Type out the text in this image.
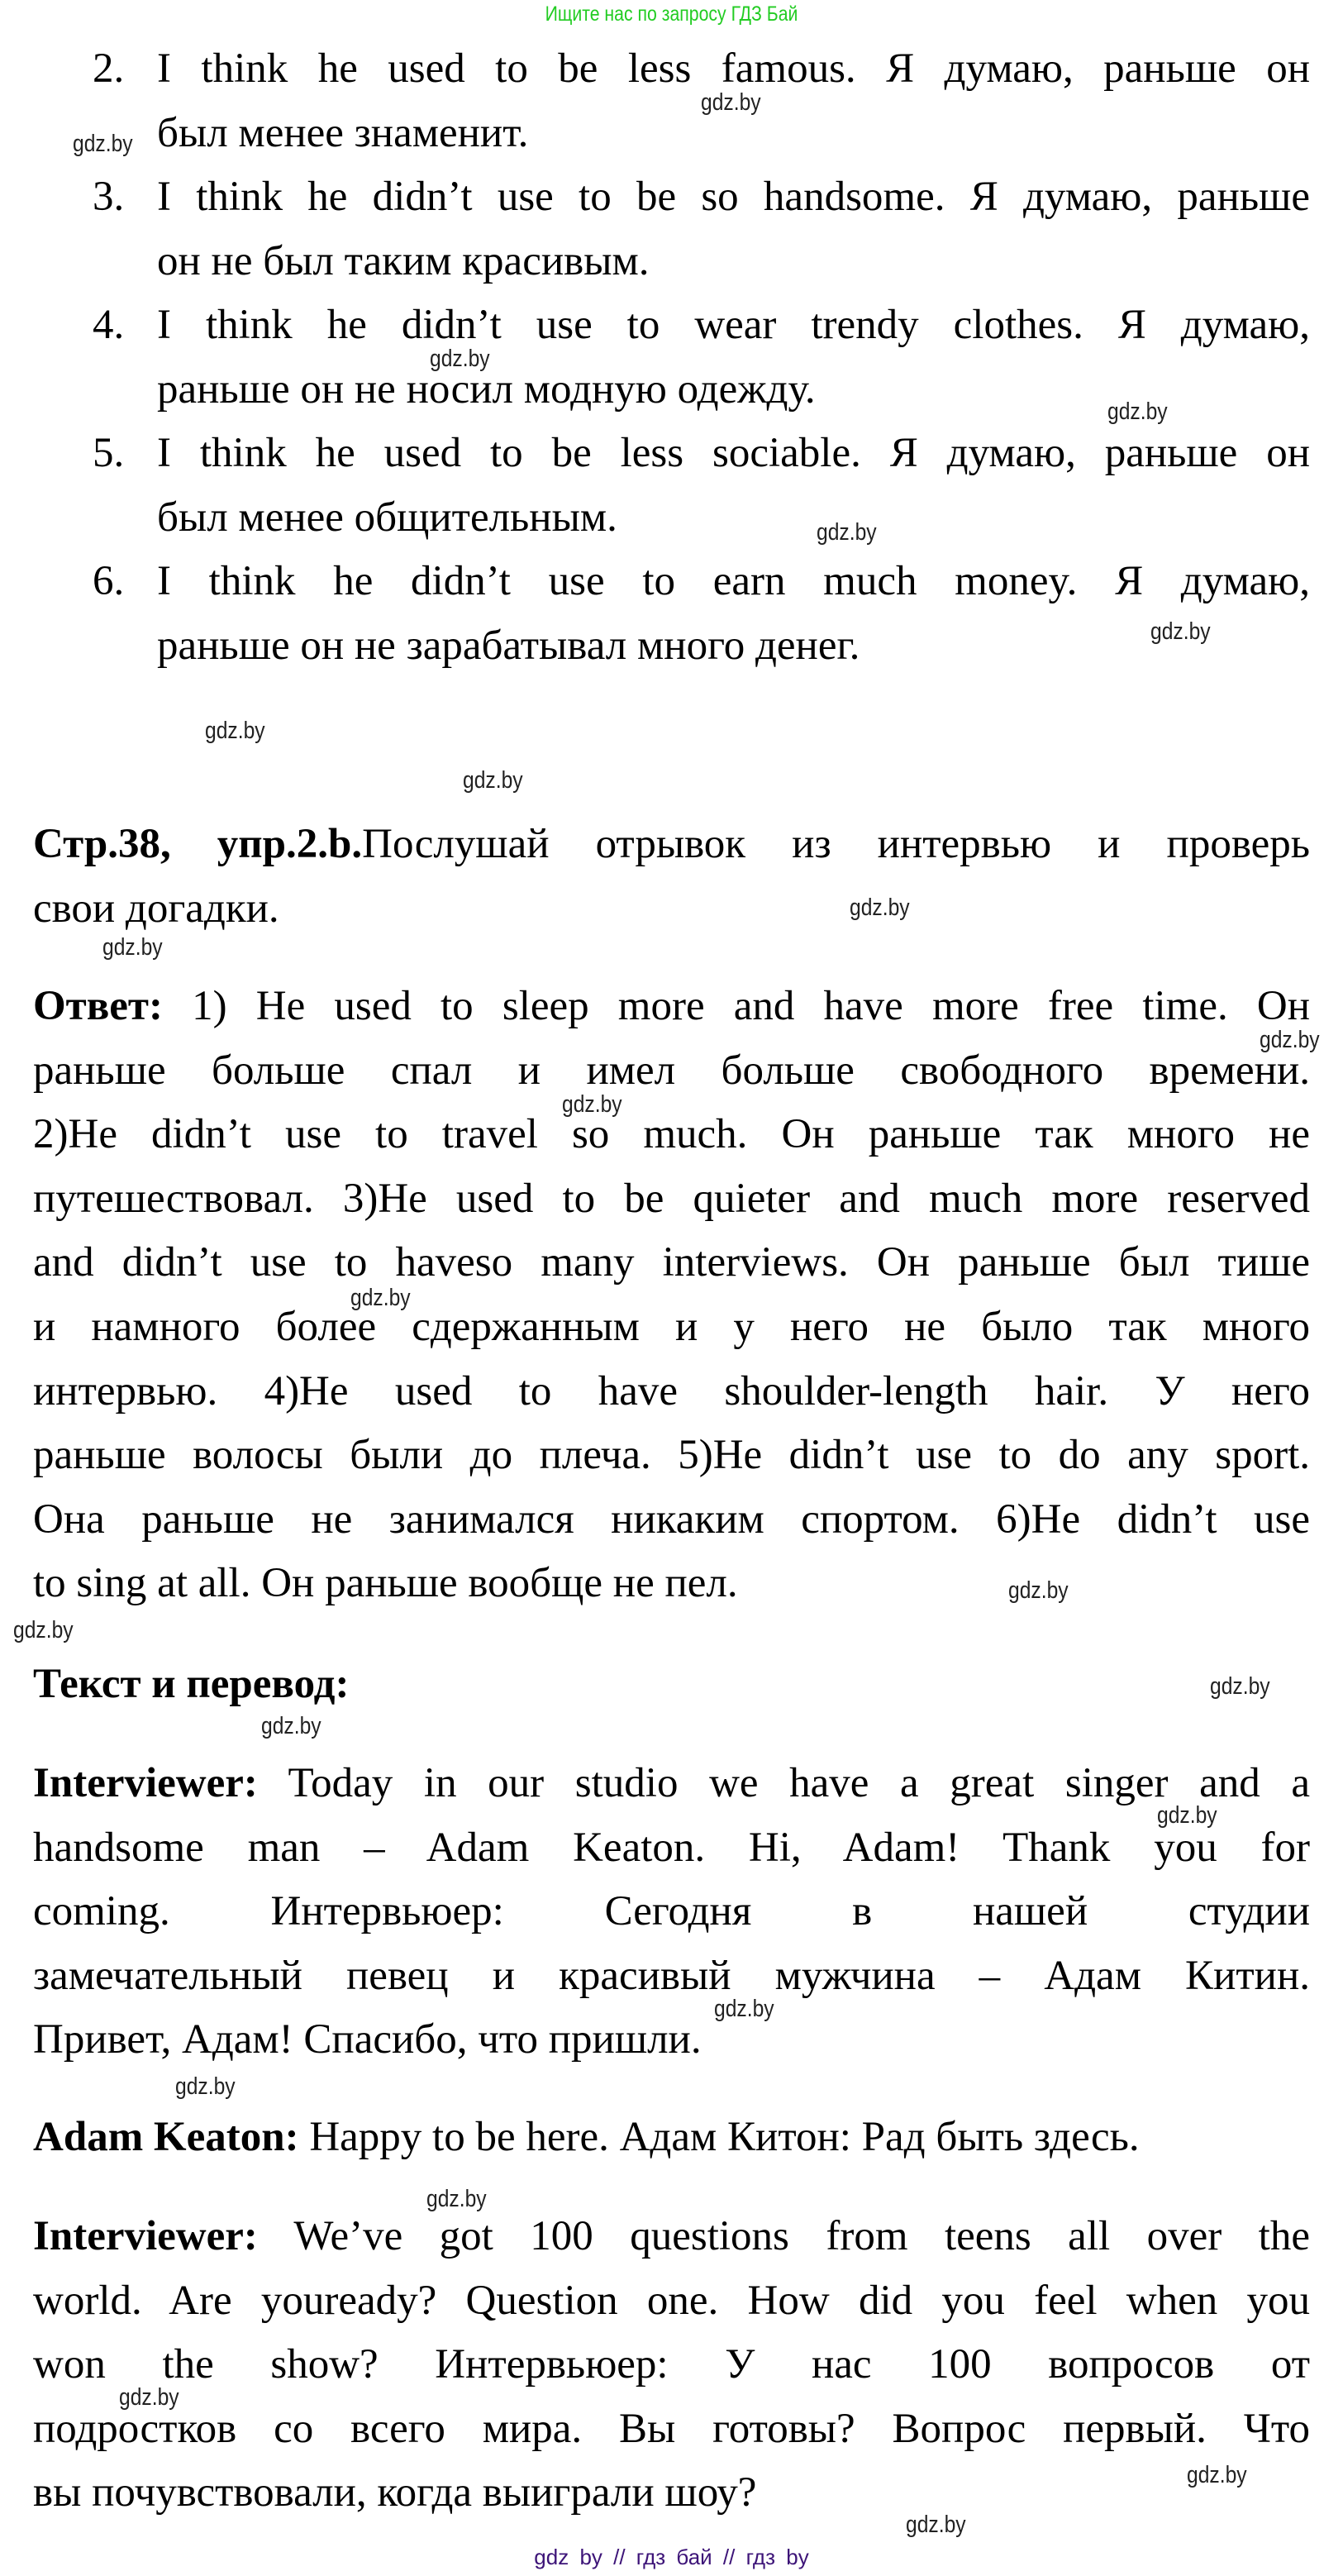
Ищите нас по запросу ГДЗ Бай
2. I think he used to be less famous. Я думаю, раньше он
был менее знаменит.
3. I think he didn’t use to be so handsome. Я думаю, раньше
он не был таким красивым.
4. I think he didn’t use to wear trendy clothes. Я думаю,
раньше он не носил модную одежду.
5. I think he used to be less sociable. Я думаю, раньше он
был менее общительным.
6. I think he didn’t use to earn much money. Я думаю,
раньше он не зарабатывал много денег.
Стр.38, упр.2.b.Послушай отрывок из интервью и проверь
свои догадки.
Ответ: 1) He used to sleep more and have more free time. Он
раньше больше спал и имел больше свободного времени.
2)He didn’t use to travel so much. Он раньше так много не
путешествовал. 3)He used to be quieter and much more reserved
and didn’t use to haveso many interviews. Он раньше был тише
и намного более сдержанным и у него не было так много
интервью. 4)He used to have shoulder-length hair. У него
раньше волосы были до плеча. 5)He didn’t use to do any sport.
Она раньше не занимался никаким спортом. 6)He didn’t use
to sing at all. Он раньше вообще не пел.
Текст и перевод:
Interviewer: Today in our studio we have a great singer and a
handsome man – Adam Keaton. Hi, Adam! Thank you for
coming. Интервьюер: Сегодня в нашей студии
замечательный певец и красивый мужчина – Адам Китин.
Привет, Адам! Спасибо, что пришли.
Adam Keaton: Happy to be here. Адам Китон: Рад быть здесь.
Interviewer: We’ve got 100 questions from teens all over the
world. Are youready? Question one. How did you feel when you
won the show? Интервьюер: У нас 100 вопросов от
подростков со всего мира. Вы готовы? Вопрос первый. Что
вы почувствовали, когда выиграли шоу?
gdz.by
gdz.by
gdz.by
gdz.by
gdz.by
gdz.by
gdz.by
gdz.by
gdz.by
gdz.by
gdz.by
gdz.by
gdz.by
gdz.by
gdz.by
gdz.by
gdz.by
gdz.by
gdz.by
gdz.by
gdz.by
gdz.by
gdz.by
gdz.by
gdz by // гдз бай // гдз by
